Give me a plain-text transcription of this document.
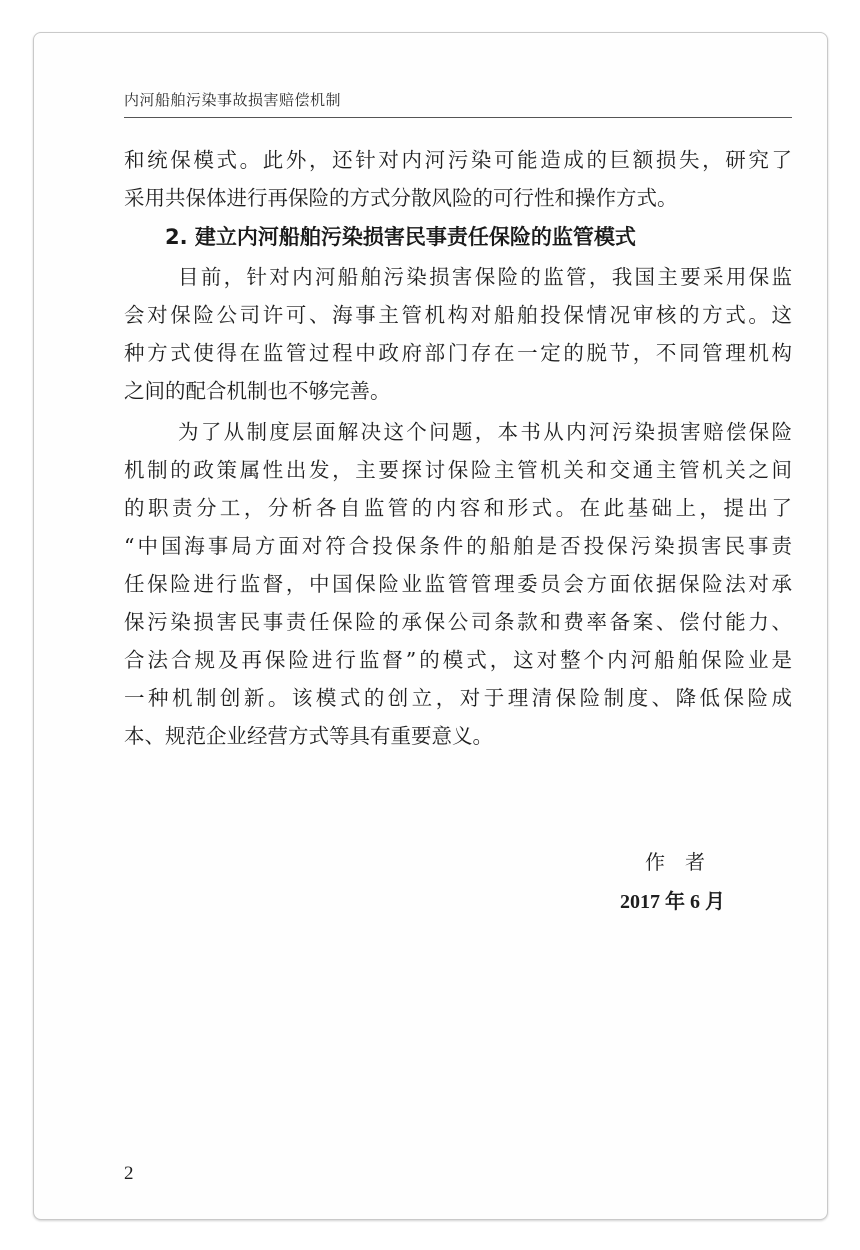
内河船舶污染事故损害赔偿机制
和统保模式。此外，还针对内河污染可能造成的巨额损失，研究了
采用共保体进行再保险的方式分散风险的可行性和操作方式。
2. 建立内河船舶污染损害民事责任保险的监管模式
目前，针对内河船舶污染损害保险的监管，我国主要采用保监
会对保险公司许可、海事主管机构对船舶投保情况审核的方式。这
种方式使得在监管过程中政府部门存在一定的脱节，不同管理机构
之间的配合机制也不够完善。
为了从制度层面解决这个问题，本书从内河污染损害赔偿保险
机制的政策属性出发，主要探讨保险主管机关和交通主管机关之间
的职责分工，分析各自监管的内容和形式。在此基础上，提出了
“中国海事局方面对符合投保条件的船舶是否投保污染损害民事责
任保险进行监督，中国保险业监管管理委员会方面依据保险法对承
保污染损害民事责任保险的承保公司条款和费率备案、偿付能力、
合法合规及再保险进行监督”的模式，这对整个内河船舶保险业是
一种机制创新。该模式的创立，对于理清保险制度、降低保险成
本、规范企业经营方式等具有重要意义。
作　者
2017 年 6 月
2
